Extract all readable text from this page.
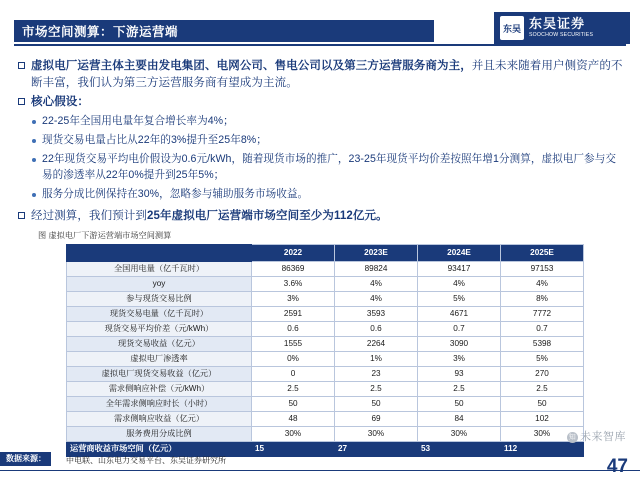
市场空间测算：下游运营端	东吴 东吴证券
SOOCHOW SECURITIES
虚拟电厂运营主体主要由发电集团、电网公司、售电公司以及第三方运营服务商为主，并且未来随着用户侧资产的不断丰富，我们认为第三方运营服务商有望成为主流。
核心假设：
22-25年全国用电量年复合增长率为4%；
现货交易电量占比从22年的3%提升至25年8%；
22年现货交易平均电价假设为0.6元/kWh，随着现货市场的推广，23-25年现货平均价差按照年增1分测算，虚拟电厂参与交易的渗透率从22年0%提升到25年5%；
服务分成比例保持在30%，忽略参与辅助服务市场收益。
经过测算，我们预计到25年虚拟电厂运营端市场空间至少为112亿元。
图 虚拟电厂下游运营端市场空间测算
	2022	2023E	2024E	2025E
全国用电量（亿千瓦时）	86369	89824	93417	97153
yoy	3.6%	4%	4%	4%
参与现货交易比例	3%	4%	5%	8%
现货交易电量（亿千瓦时）	2591	3593	4671	7772
现货交易平均价差（元/kWh）	0.6	0.6	0.7	0.7
现货交易收益（亿元）	1555	2264	3090	5398
虚拟电厂渗透率	0%	1%	3%	5%
虚拟电厂现货交易收益（亿元）	0	23	93	270
需求侧响应补偿（元/kWh）	2.5	2.5	2.5	2.5
全年需求侧响应时长（小时）	50	50	50	50
需求侧响应收益（亿元）	48	69	84	102
服务费用分成比例	30%	30%	30%	30%
运营商收益市场空间（亿元）	15	27	53	112
知 未来智库
数据来源：	中电联、山东电力交易平台、东吴证券研究所	47
